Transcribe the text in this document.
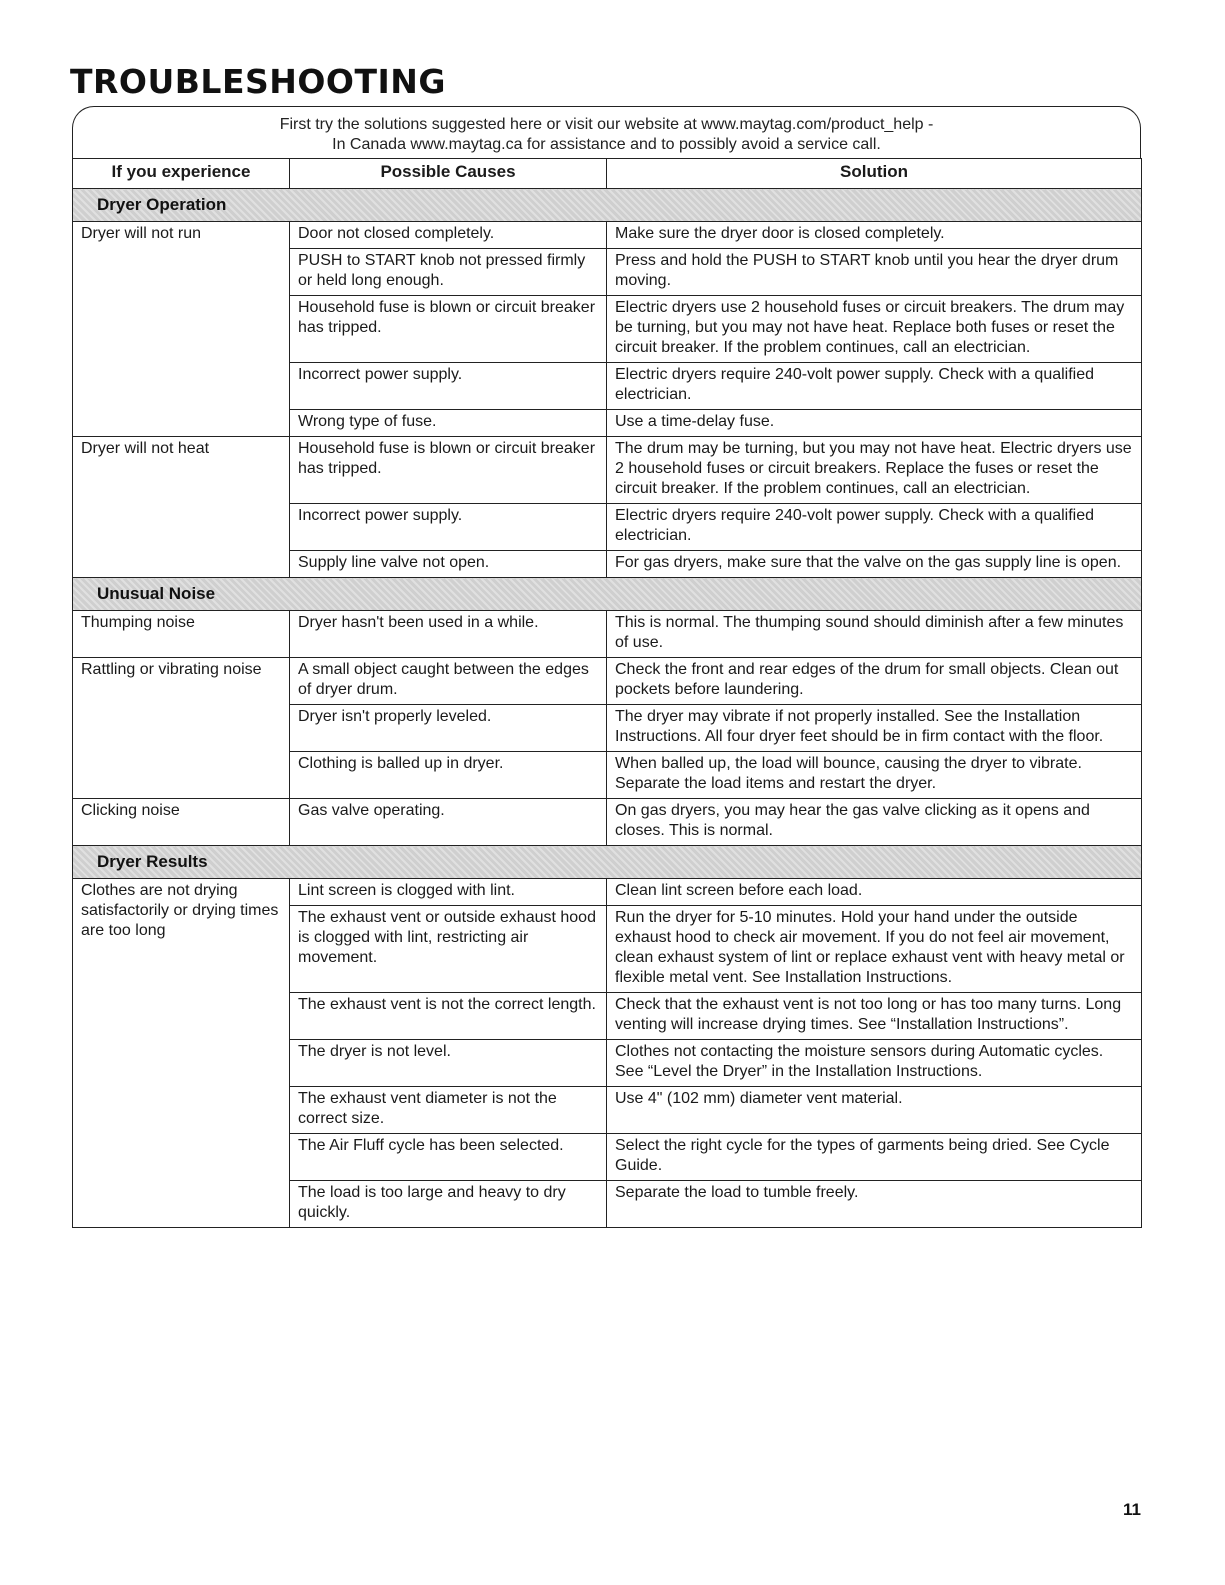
TROUBLESHOOTING
First try the solutions suggested here or visit our website at www.maytag.com/product_help -
In Canada www.maytag.ca for assistance and to possibly avoid a service call.
If you experience	Possible Causes	Solution
Dryer Operation		
Dryer will not run	Door not closed completely.	Make sure the dryer door is closed completely.
	PUSH to START knob not pressed firmly or held long enough.	Press and hold the PUSH to START knob until you hear the dryer drum moving.
	Household fuse is blown or circuit breaker has tripped.	Electric dryers use 2 household fuses or circuit breakers. The drum may be turning, but you may not have heat. Replace both fuses or reset the circuit breaker. If the problem continues, call an electrician.
	Incorrect power supply.	Electric dryers require 240-volt power supply. Check with a qualified electrician.
	Wrong type of fuse.	Use a time-delay fuse.
Dryer will not heat	Household fuse is blown or circuit breaker has tripped.	The drum may be turning, but you may not have heat. Electric dryers use 2 household fuses or circuit breakers. Replace the fuses or reset the circuit breaker. If the problem continues, call an electrician.
	Incorrect power supply.	Electric dryers require 240-volt power supply. Check with a qualified electrician.
	Supply line valve not open.	For gas dryers, make sure that the valve on the gas supply line is open.
Unusual Noise		
Thumping noise	Dryer hasn't been used in a while.	This is normal. The thumping sound should diminish after a few minutes of use.
Rattling or vibrating noise	A small object caught between the edges of dryer drum.	Check the front and rear edges of the drum for small objects. Clean out pockets before laundering.
	Dryer isn't properly leveled.	The dryer may vibrate if not properly installed. See the Installation Instructions. All four dryer feet should be in firm contact with the floor.
	Clothing is balled up in dryer.	When balled up, the load will bounce, causing the dryer to vibrate. Separate the load items and restart the dryer.
Clicking noise	Gas valve operating.	On gas dryers, you may hear the gas valve clicking as it opens and closes. This is normal.
Dryer Results		
Clothes are not drying satisfactorily or drying times are too long	Lint screen is clogged with lint.	Clean lint screen before each load.
	The exhaust vent or outside exhaust hood is clogged with lint, restricting air movement.	Run the dryer for 5-10 minutes. Hold your hand under the outside exhaust hood to check air movement. If you do not feel air movement, clean exhaust system of lint or replace exhaust vent with heavy metal or flexible metal vent. See Installation Instructions.
	The exhaust vent is not the correct length.	Check that the exhaust vent is not too long or has too many turns. Long venting will increase drying times. See “Installation Instructions”.
	The dryer is not level.	Clothes not contacting the moisture sensors during Automatic cycles. See “Level the Dryer” in the Installation Instructions.
	The exhaust vent diameter is not the correct size.	Use 4" (102 mm) diameter vent material.
	The Air Fluff cycle has been selected.	Select the right cycle for the types of garments being dried. See Cycle Guide.
	The load is too large and heavy to dry quickly.	Separate the load to tumble freely.
11
